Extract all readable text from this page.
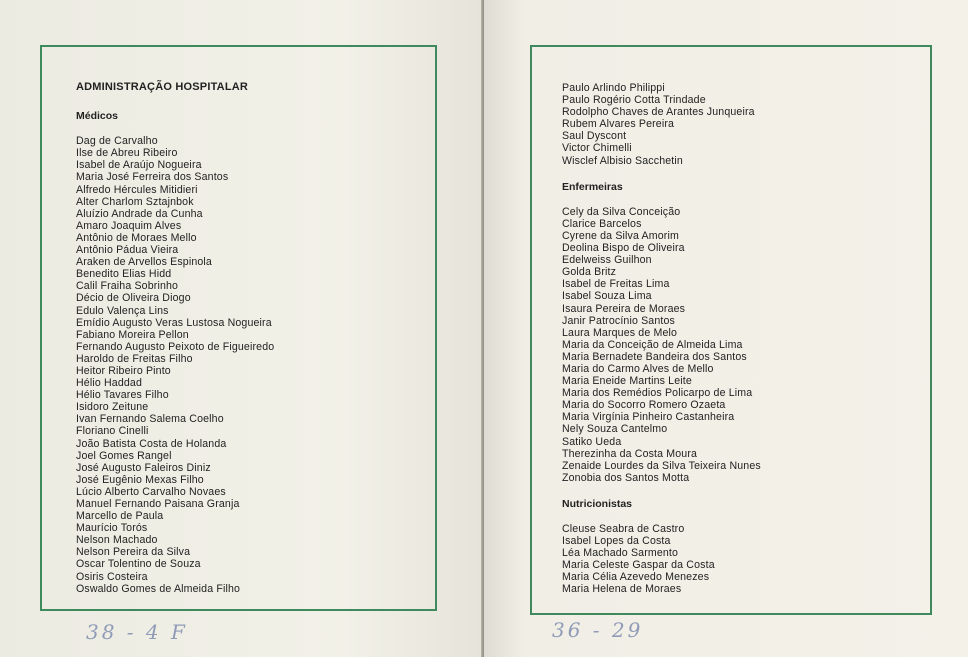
ADMINISTRAÇÃO HOSPITALAR
Médicos
Dag de Carvalho
Ilse de Abreu Ribeiro
Isabel de Araújo Nogueira
Maria José Ferreira dos Santos
Alfredo Hércules Mitidieri
Alter Charlom Sztajnbok
Aluízio Andrade da Cunha
Amaro Joaquim Alves
Antônio de Moraes Mello
Antônio Pádua Vieira
Araken de Arvellos Espinola
Benedito Elias Hidd
Calil Fraiha Sobrinho
Décio de Oliveira Diogo
Edulo Valença Lins
Emídio Augusto Veras Lustosa Nogueira
Fabiano Moreira Pellon
Fernando Augusto Peixoto de Figueiredo
Haroldo de Freitas Filho
Heitor Ribeiro Pinto
Hélio Haddad
Hélio Tavares Filho
Isidoro Zeitune
Ivan Fernando Salema Coelho
Floriano Cinelli
João Batista Costa de Holanda
Joel Gomes Rangel
José Augusto Faleiros Diniz
José Eugênio Mexas Filho
Lúcio Alberto Carvalho Novaes
Manuel Fernando Paisana Granja
Marcello de Paula
Maurício Torós
Nelson Machado
Nelson Pereira da Silva
Oscar Tolentino de Souza
Osiris Costeira
Oswaldo Gomes de Almeida Filho
38 - 4 F
Paulo Arlindo Philippi
Paulo Rogério Cotta Trindade
Rodolpho Chaves de Arantes Junqueira
Rubem Alvares Pereira
Saul Dyscont
Victor Chimelli
Wisclef Albisio Sacchetin
Enfermeiras
Cely da Silva Conceição
Clarice Barcelos
Cyrene da Silva Amorim
Deolina Bispo de Oliveira
Edelweiss Guilhon
Golda Britz
Isabel de Freitas Lima
Isabel Souza Lima
Isaura Pereira de Moraes
Janir Patrocínio Santos
Laura Marques de Melo
Maria da Conceição de Almeida Lima
Maria Bernadete Bandeira dos Santos
Maria do Carmo Alves de Mello
Maria Eneide Martins Leite
Maria dos Remédios Policarpo de Lima
Maria do Socorro Romero Ozaeta
Maria Virgínia Pinheiro Castanheira
Nely Souza Cantelmo
Satiko Ueda
Therezinha da Costa Moura
Zenaide Lourdes da Silva Teixeira Nunes
Zonobia dos Santos Motta
Nutricionistas
Cleuse Seabra de Castro
Isabel Lopes da Costa
Léa Machado Sarmento
Maria Celeste Gaspar da Costa
Maria Célia Azevedo Menezes
Maria Helena de Moraes
36 - 29
